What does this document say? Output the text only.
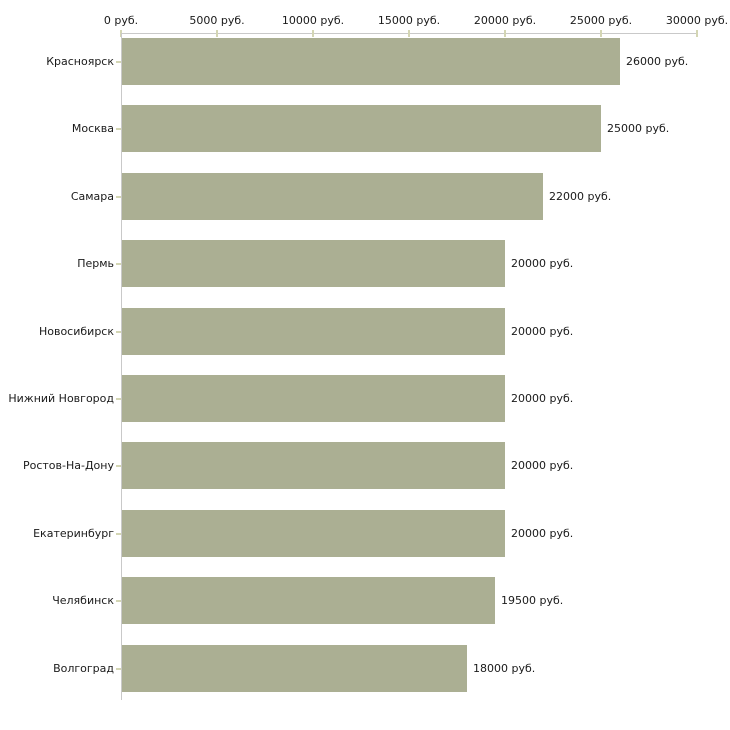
0 руб.	5000 руб.	10000 руб.	15000 руб.	20000 руб.	25000 руб.	30000 руб.
Красноярск	26000 руб.
Москва	25000 руб.
Самара	22000 руб.
Пермь	20000 руб.
Новосибирск	20000 руб.
Нижний Новгород	20000 руб.
Ростов-На-Дону	20000 руб.
Екатеринбург	20000 руб.
Челябинск	19500 руб.
Волгоград	18000 руб.
